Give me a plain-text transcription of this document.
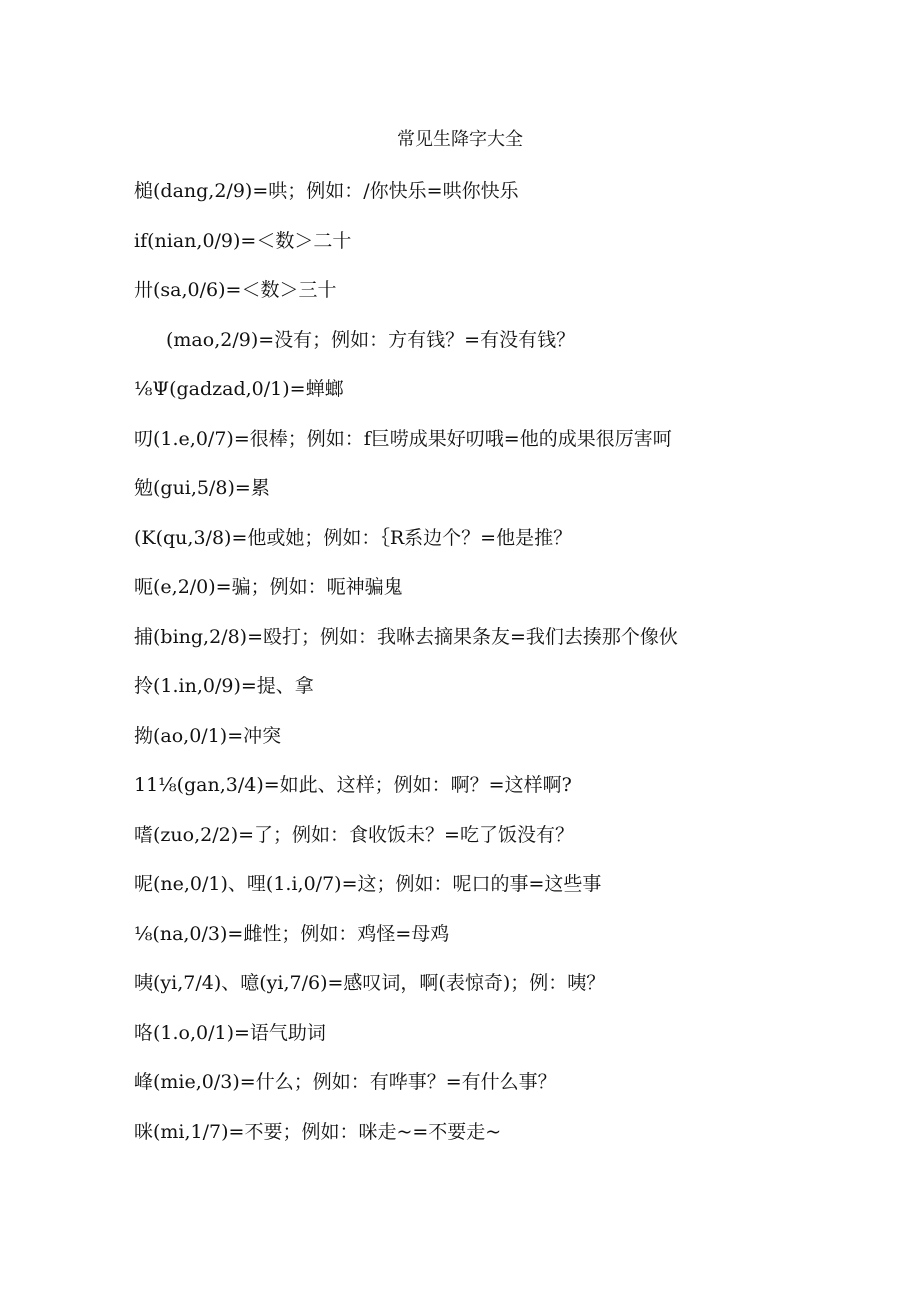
常见生降字大全
槌(dang,2/9)=哄；例如：/你快乐=哄你快乐
if(nian,0/9)=＜数＞二十
卅(sa,0/6)=＜数＞三十
(mao,2/9)=没有；例如：方有钱？=有没有钱？
⅛Ψ(gadzad,0/1)=蝉螂
叨(1.e,0/7)=很棒；例如：f巨唠成果好叨哦=他的成果很厉害呵
勉(gui,5/8)=累
(K(qu,3/8)=他或她；例如：｛R系边个？=他是推？
呃(e,2/0)=骗；例如：呃神骗鬼
捕(bing,2/8)=殴打；例如：我咻去摘果条友=我们去揍那个像伙
拎(1.in,0/9)=提、拿
拗(ao,0/1)=冲突
11⅛(gan,3/4)=如此、这样；例如：啊？=这样啊?
嗜(zuo,2/2)=了；例如：食收饭未？=吃了饭没有？
呢(ne,0/1)、哩(1.i,0/7)=这；例如：呢口的事=这些事
⅛(na,0/3)=雌性；例如：鸡怪=母鸡
咦(yi,7/4)、噫(yi,7/6)=感叹词，啊(表惊奇)；例：咦？
咯(1.o,0/1)=语气助词
峰(mie,0/3)=什么；例如：有哗事？=有什么事？
咪(mi,1/7)=不要；例如：咪走~=不要走~
